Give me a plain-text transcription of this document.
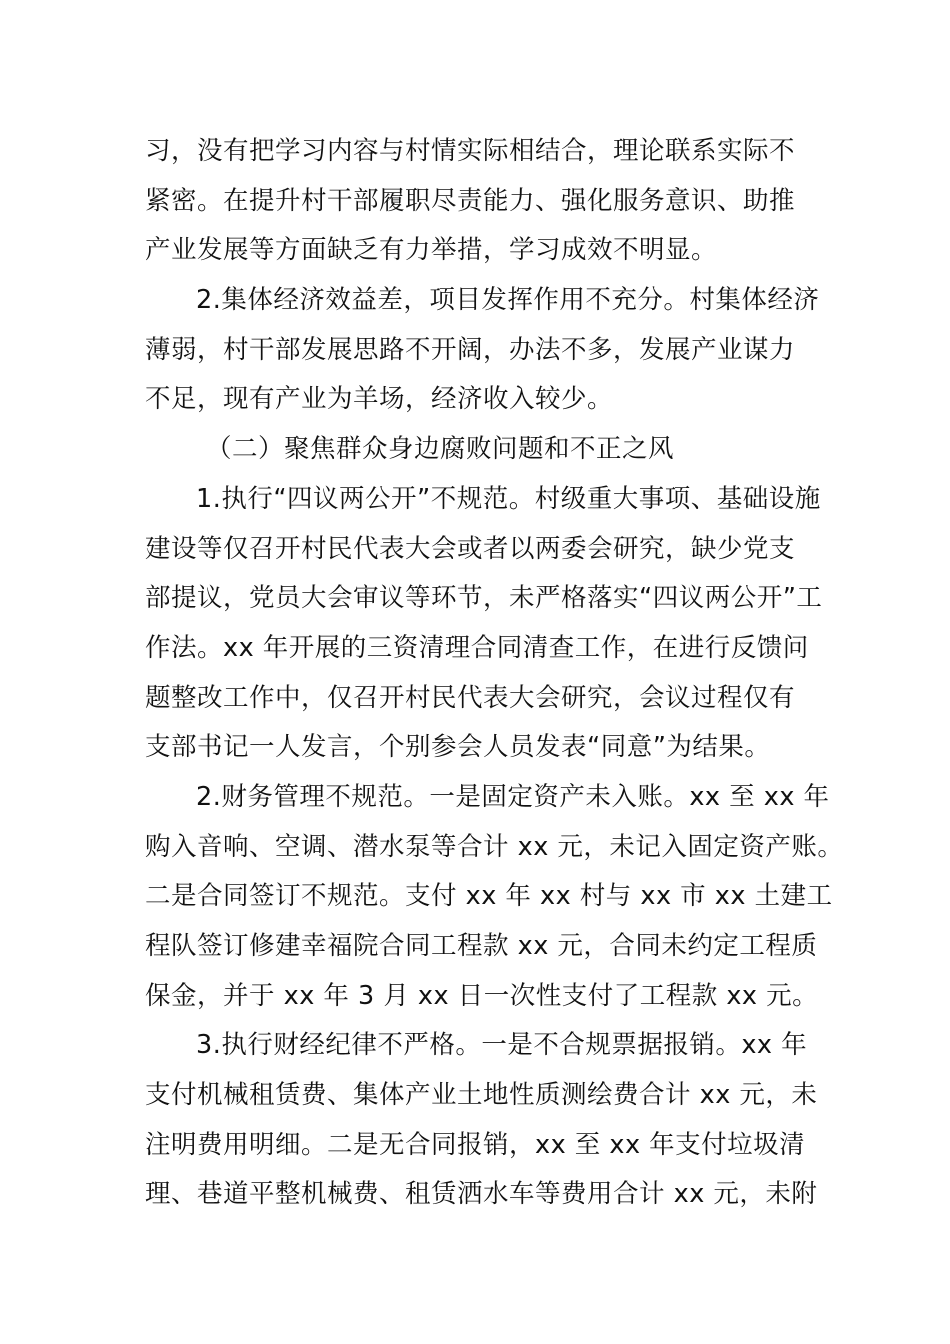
习，没有把学习内容与村情实际相结合，理论联系实际不
紧密。在提升村干部履职尽责能力、强化服务意识、助推
产业发展等方面缺乏有力举措，学习成效不明显。
2.集体经济效益差，项目发挥作用不充分。村集体经济
薄弱，村干部发展思路不开阔，办法不多，发展产业谋力
不足，现有产业为羊场，经济收入较少。
（二）聚焦群众身边腐败问题和不正之风
1.执行“四议两公开”不规范。村级重大事项、基础设施
建设等仅召开村民代表大会或者以两委会研究，缺少党支
部提议，党员大会审议等环节，未严格落实“四议两公开”工
作法。xx 年开展的三资清理合同清查工作，在进行反馈问
题整改工作中，仅召开村民代表大会研究，会议过程仅有
支部书记一人发言，个别参会人员发表“同意”为结果。
2.财务管理不规范。一是固定资产未入账。xx 至 xx 年
购入音响、空调、潜水泵等合计 xx 元，未记入固定资产账。
二是合同签订不规范。支付 xx 年 xx 村与 xx 市 xx 土建工
程队签订修建幸福院合同工程款 xx 元，合同未约定工程质
保金，并于 xx 年 3 月 xx 日一次性支付了工程款 xx 元。
3.执行财经纪律不严格。一是不合规票据报销。xx 年
支付机械租赁费、集体产业土地性质测绘费合计 xx 元，未
注明费用明细。二是无合同报销，xx 至 xx 年支付垃圾清
理、巷道平整机械费、租赁洒水车等费用合计 xx 元，未附
